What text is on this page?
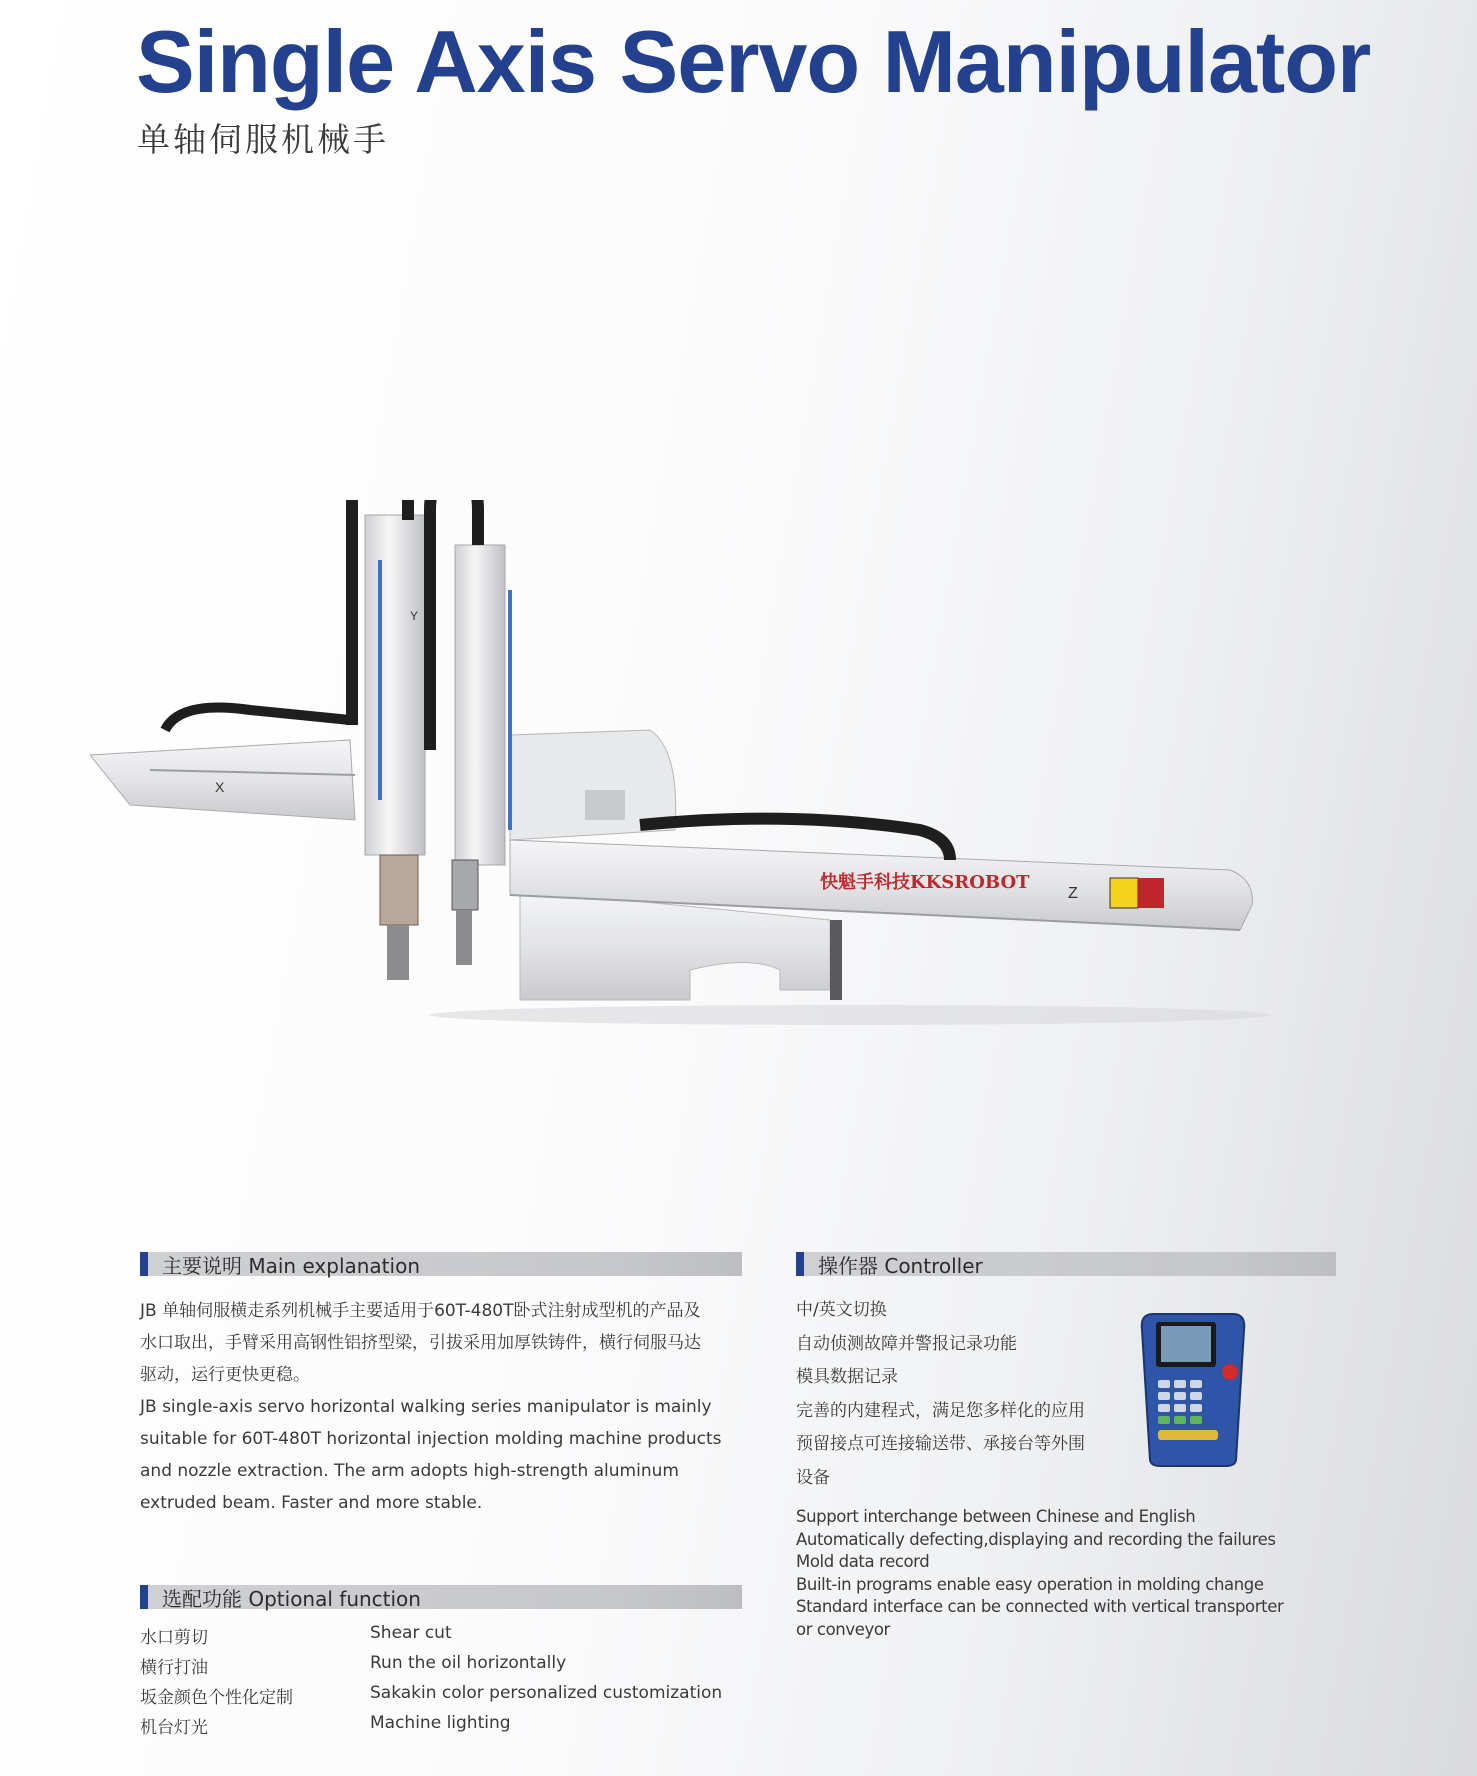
Single Axis Servo Manipulator
单轴伺服机械手
快魁手科技KKSROBOT
Z
X
Y
主要说明 Main explanation

JB 单轴伺服横走系列机械手主要适用于60T-480T卧式注射成型机的产品及

水口取出，手臂采用高钢性铝挤型梁，引拔采用加厚铁铸件，横行伺服马达

驱动，运行更快更稳。

JB single-axis servo horizontal walking series manipulator is mainly

suitable for 60T-480T horizontal injection molding machine products

and nozzle extraction. The arm adopts high-strength aluminum

extruded beam. Faster and more stable.

选配功能 Optional function
水口剪切	Shear cut
横行打油	Run the oil horizontally
坂金颜色个性化定制	Sakakin color personalized customization
机台灯光	Machine lighting
操作器 Controller
中/英文切换
自动侦测故障并警报记录功能
模具数据记录
完善的内建程式，满足您多样化的应用
预留接点可连接输送带、承接台等外围
设备
Support interchange between Chinese and English
Automatically defecting,displaying and recording the failures
Mold data record
Built-in programs enable easy operation in molding change
Standard interface can be connected with vertical transporter
or conveyor
